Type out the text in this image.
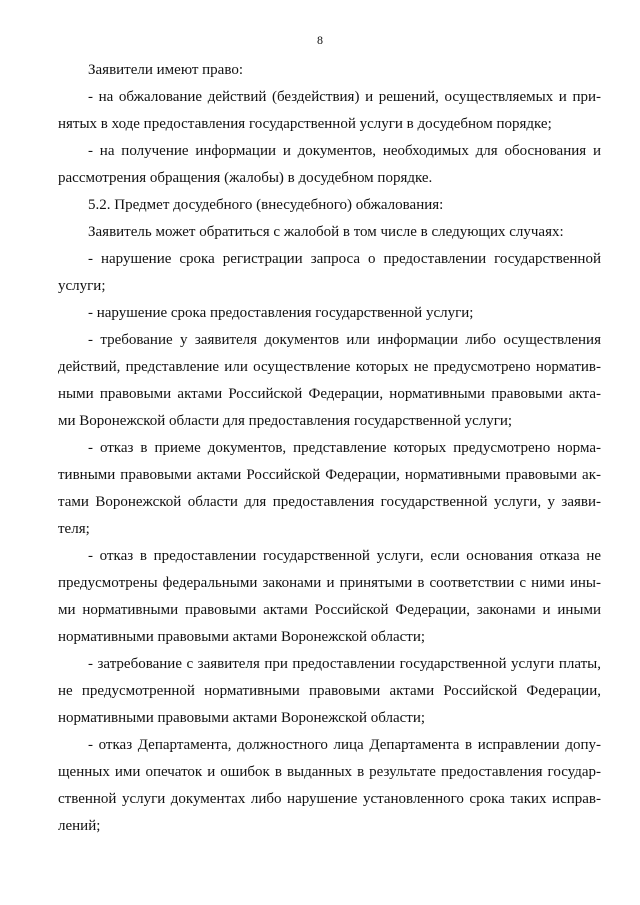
8
Заявители имеют право:
- на обжалование действий (бездействия) и решений, осуществляемых и при-
нятых в ходе предоставления государственной услуги в досудебном порядке;
- на получение информации и документов, необходимых для обоснования и
рассмотрения обращения (жалобы) в досудебном порядке.
5.2. Предмет досудебного (внесудебного) обжалования:
Заявитель может обратиться с жалобой в том числе в следующих случаях:
- нарушение срока регистрации запроса о предоставлении государственной
услуги;
- нарушение срока предоставления государственной услуги;
- требование у заявителя документов или информации либо осуществления
действий, представление или осуществление которых не предусмотрено норматив-
ными правовыми актами Российской Федерации, нормативными правовыми акта-
ми Воронежской области для предоставления государственной услуги;
- отказ в приеме документов, представление которых предусмотрено норма-
тивными правовыми актами Российской Федерации, нормативными правовыми ак-
тами Воронежской области для предоставления государственной услуги, у заяви-
теля;
- отказ в предоставлении государственной услуги, если основания отказа не
предусмотрены федеральными законами и принятыми в соответствии с ними ины-
ми нормативными правовыми актами Российской Федерации, законами и иными
нормативными правовыми актами Воронежской области;
- затребование с заявителя при предоставлении государственной услуги платы,
не предусмотренной нормативными правовыми актами Российской Федерации,
нормативными правовыми актами Воронежской области;
- отказ Департамента, должностного лица Департамента в исправлении допу-
щенных ими опечаток и ошибок в выданных в результате предоставления государ-
ственной услуги документах либо нарушение установленного срока таких исправ-
лений;
